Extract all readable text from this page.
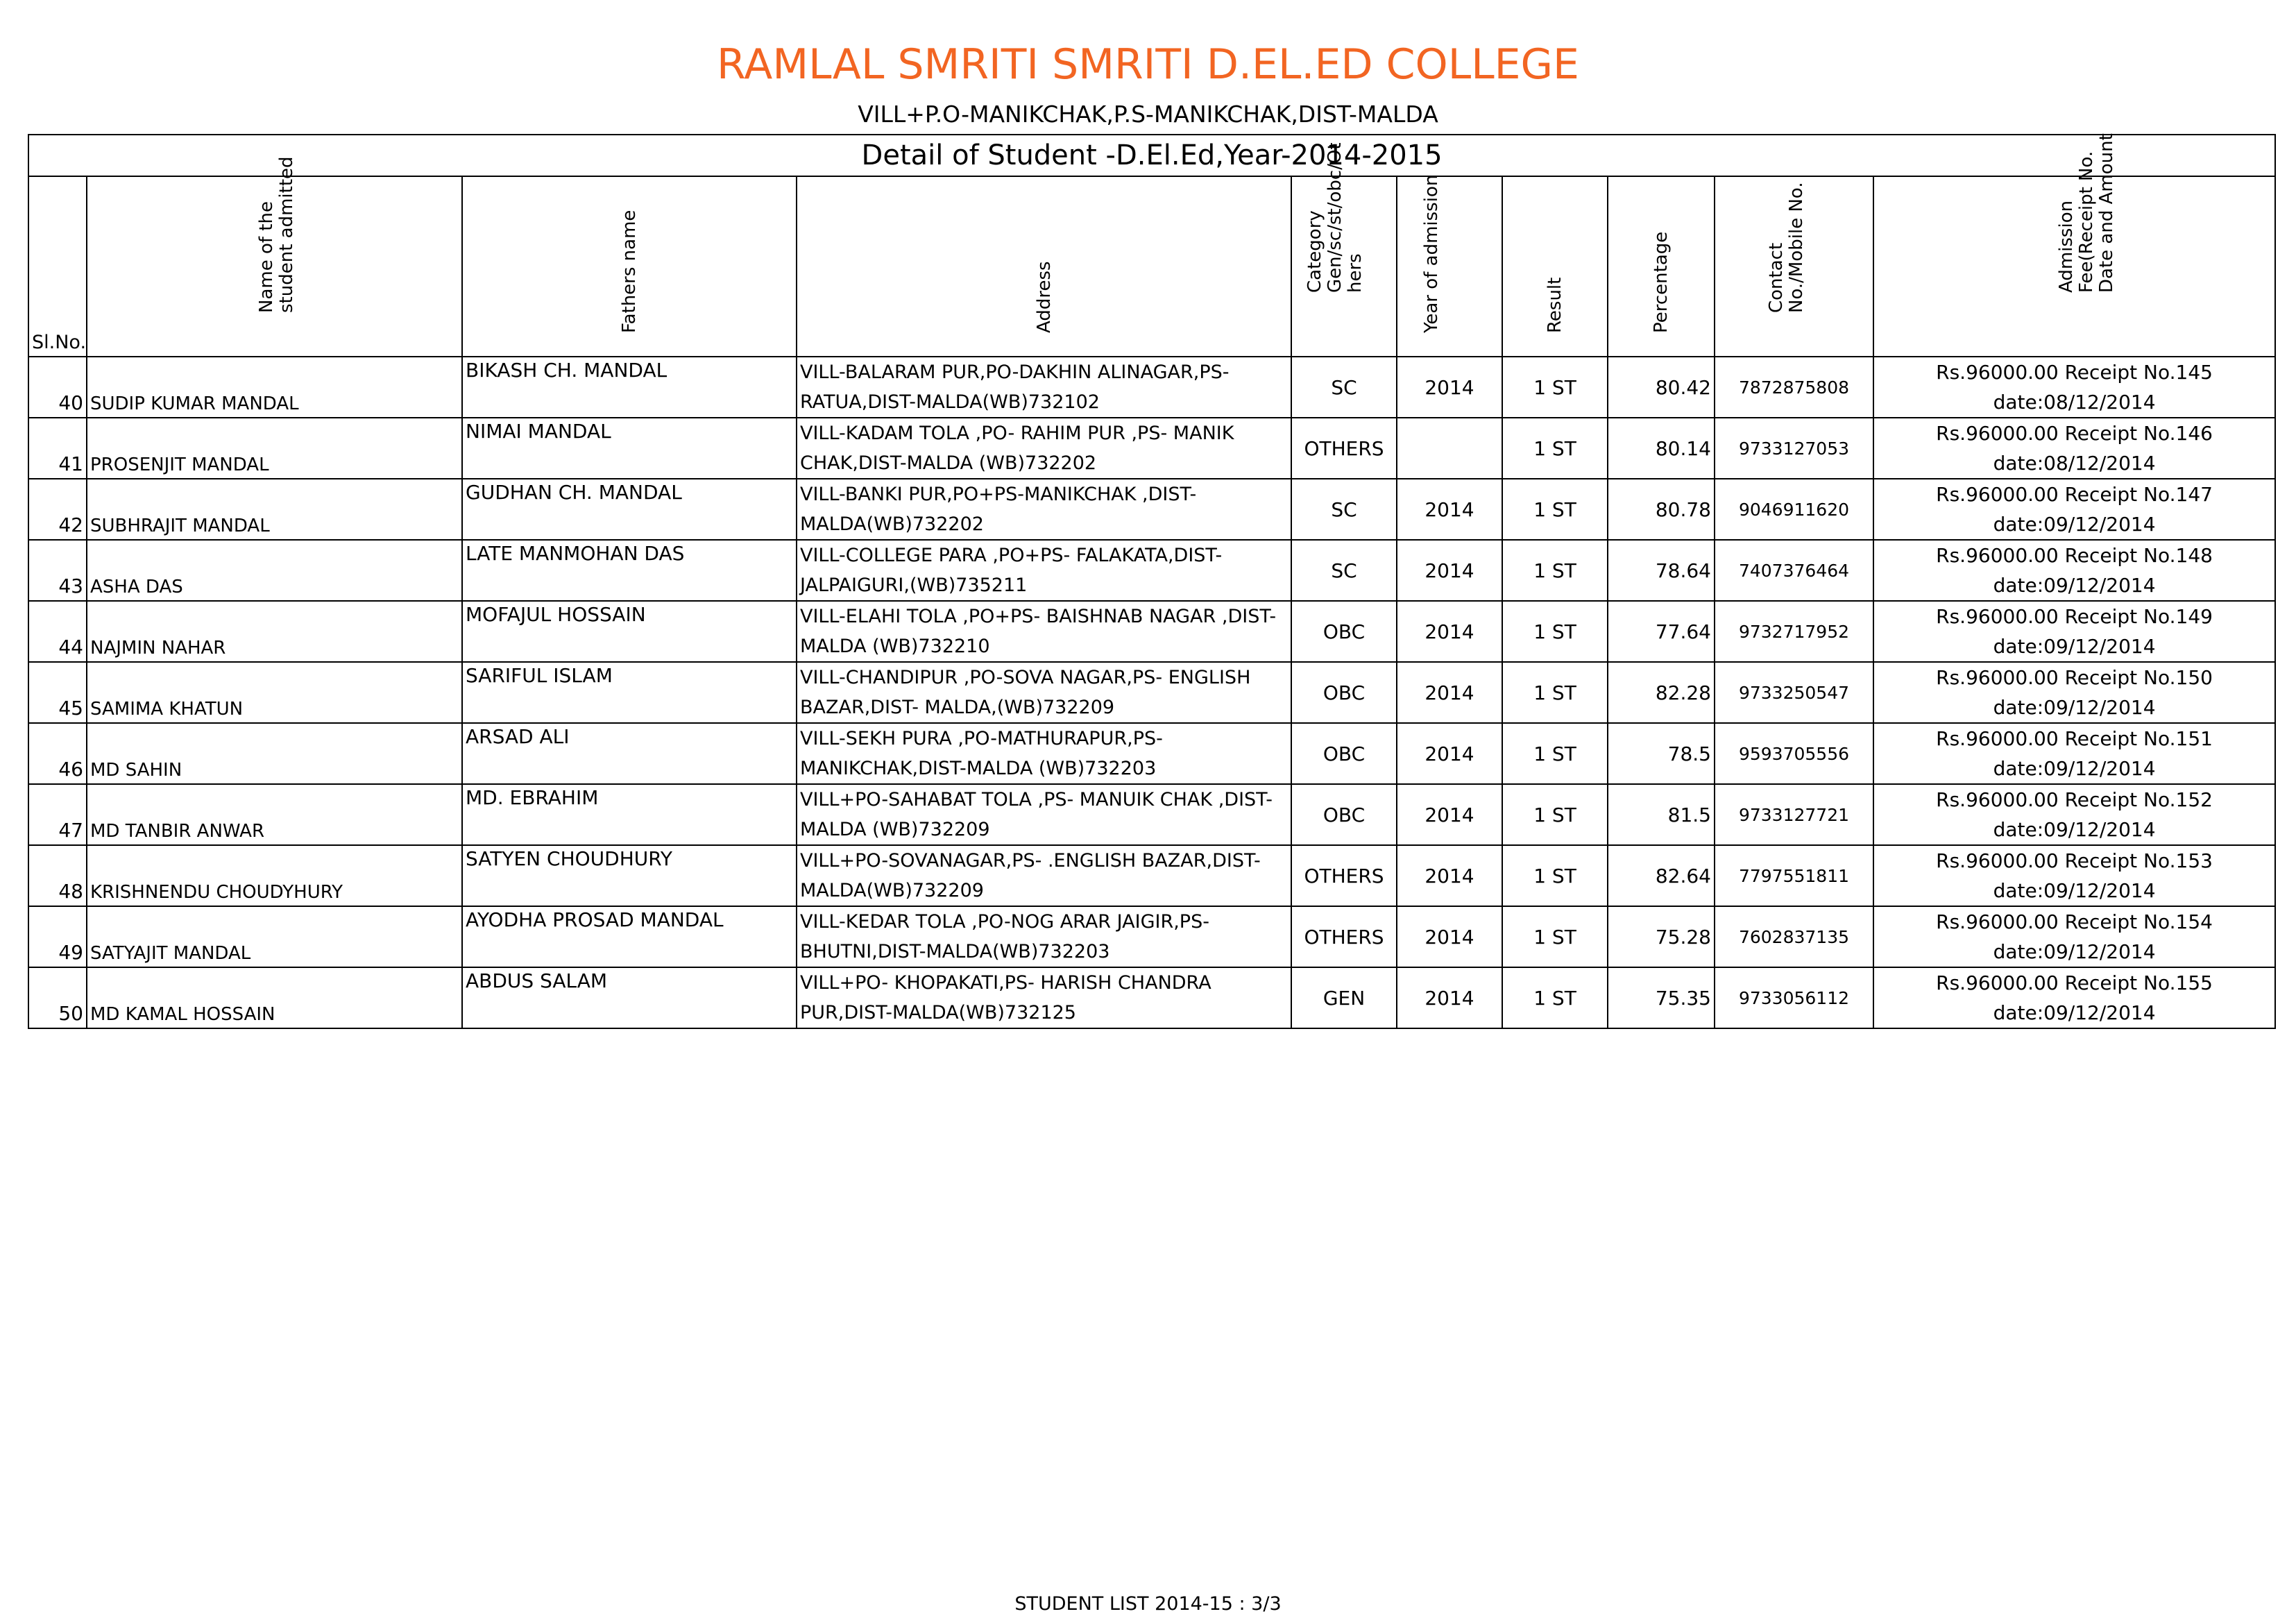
RAMLAL SMRITI SMRITI D.EL.ED COLLEGE
VILL+P.O-MANIKCHAK,P.S-MANIKCHAK,DIST-MALDA
Detail of Student -D.El.Ed,Year-2014-2015									

Sl.No.	Name of the
student admitted	Fathers name	Address	Category
Gen/sc/st/obc/Ot
hers	Year of admission	Result	Percentage	Contact
No./Mobile No.	Admission
Fee(Receipt No.
Date and Amount

40	SUDIP KUMAR MANDAL	BIKASH CH. MANDAL	VILL-BALARAM PUR,PO-DAKHIN ALINAGAR,PS-
RATUA,DIST-MALDA(WB)732102	SC	2014	1 ST	80.42	7872875808	Rs.96000.00 Receipt No.145
date:08/12/2014

41	PROSENJIT MANDAL	NIMAI MANDAL	VILL-KADAM TOLA ,PO- RAHIM PUR ,PS- MANIK
CHAK,DIST-MALDA (WB)732202	OTHERS		1 ST	80.14	9733127053	Rs.96000.00 Receipt No.146
date:08/12/2014

42	SUBHRAJIT MANDAL	GUDHAN CH. MANDAL	VILL-BANKI PUR,PO+PS-MANIKCHAK ,DIST-
MALDA(WB)732202	SC	2014	1 ST	80.78	9046911620	Rs.96000.00 Receipt No.147
date:09/12/2014

43	ASHA DAS	LATE MANMOHAN DAS	VILL-COLLEGE PARA ,PO+PS- FALAKATA,DIST-
JALPAIGURI,(WB)735211	SC	2014	1 ST	78.64	7407376464	Rs.96000.00 Receipt No.148
date:09/12/2014

44	NAJMIN NAHAR	MOFAJUL HOSSAIN	VILL-ELAHI TOLA ,PO+PS- BAISHNAB NAGAR ,DIST-
MALDA (WB)732210	OBC	2014	1 ST	77.64	9732717952	Rs.96000.00 Receipt No.149
date:09/12/2014

45	SAMIMA KHATUN	SARIFUL ISLAM	VILL-CHANDIPUR ,PO-SOVA NAGAR,PS- ENGLISH
BAZAR,DIST- MALDA,(WB)732209	OBC	2014	1 ST	82.28	9733250547	Rs.96000.00 Receipt No.150
date:09/12/2014

46	MD SAHIN	ARSAD ALI	VILL-SEKH PURA ,PO-MATHURAPUR,PS-
MANIKCHAK,DIST-MALDA (WB)732203	OBC	2014	1 ST	78.5	9593705556	Rs.96000.00 Receipt No.151
date:09/12/2014

47	MD TANBIR ANWAR	MD. EBRAHIM	VILL+PO-SAHABAT TOLA ,PS- MANUIK CHAK ,DIST-
MALDA (WB)732209	OBC	2014	1 ST	81.5	9733127721	Rs.96000.00 Receipt No.152
date:09/12/2014

48	KRISHNENDU CHOUDYHURY	SATYEN CHOUDHURY	VILL+PO-SOVANAGAR,PS- .ENGLISH BAZAR,DIST-
MALDA(WB)732209	OTHERS	2014	1 ST	82.64	7797551811	Rs.96000.00 Receipt No.153
date:09/12/2014

49	SATYAJIT MANDAL	AYODHA PROSAD MANDAL	VILL-KEDAR TOLA ,PO-NOG ARAR JAIGIR,PS-
BHUTNI,DIST-MALDA(WB)732203	OTHERS	2014	1 ST	75.28	7602837135	Rs.96000.00 Receipt No.154
date:09/12/2014

50	MD KAMAL HOSSAIN	ABDUS SALAM	VILL+PO- KHOPAKATI,PS- HARISH CHANDRA
PUR,DIST-MALDA(WB)732125	GEN	2014	1 ST	75.35	9733056112	Rs.96000.00 Receipt No.155
date:09/12/2014
STUDENT LIST 2014-15 : 3/3
